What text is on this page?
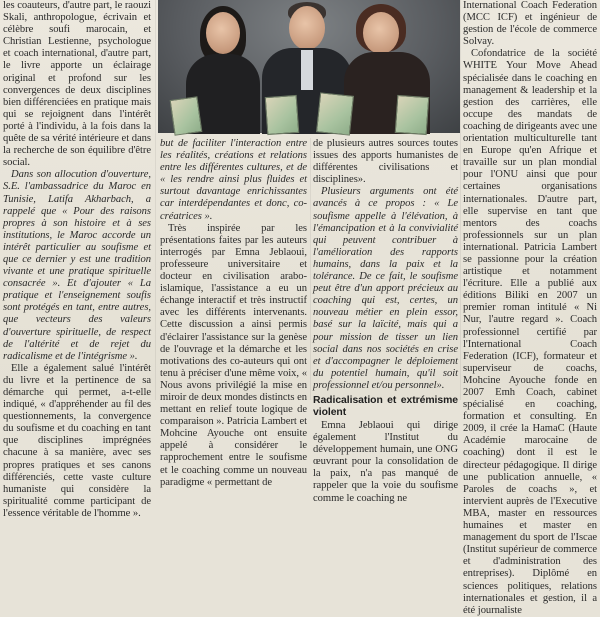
les coauteurs, d'autre part, le raouzi Skali, anthropologue, écrivain et célèbre soufi marocain, et Christian Lestienne, psychologue et coach international, d'autre part, le livre apporte un éclairage original et profond sur les convergences de deux disciplines bien différenciées en pratique mais qui se rejoignent dans l'intérêt porté à l'individu, à la fois dans la quête de sa vérité intérieure et dans la recherche de son équilibre d'être social.

Dans son allocution d'ouverture, S.E. l'ambassadrice du Maroc en Tunisie, Latifa Akharbach, a rappelé que « Pour des raisons propres à son histoire et à ses institutions, le Maroc accorde un intérêt particulier au soufisme et que ce dernier y est une tradition vivante et une pratique spirituelle consacrée ». Et d'ajouter « La pratique et l'enseignement soufis sont protégés en tant, entre autres, que vecteurs des valeurs d'ouverture spirituelle, de respect de l'altérité et de rejet du radicalisme et de l'intégrisme ».

Elle a également salué l'intérêt du livre et la pertinence de sa démarche qui permet, a-t-elle indiqué, « d'appréhender au fil des questionnements, la convergence du soufisme et du coaching en tant que disciplines imprégnées chacune à sa manière, avec ses propres pratiques et ses canons différenciés, cette vaste culture humaniste qui considère la spiritualité comme participant de l'essence véritable de l'homme ».

but de faciliter l'interaction entre les réalités, créations et relations entre les différentes cultures, et de « les rendre ainsi plus fluides et surtout davantage enrichissantes car interdépendantes et donc, co-créatrices ».

Très inspirée par les présentations faites par les auteurs interrogés par Emna Jeblaoui, professeure universitaire et docteur en civilisation arabo-islamique, l'assistance a eu un échange interactif et très instructif avec les différents intervenants. Cette discussion a ainsi permis d'éclairer l'assistance sur la genèse de l'ouvrage et la démarche et les motivations des co-auteurs qui ont tenu à préciser d'une même voix, « Nous avons privilégié la mise en miroir de deux mondes distincts en mettant en relief toute logique de comparaison ». Patricia Lambert et Mohcine Ayouche ont ensuite appelé à considérer le rapprochement entre le soufisme et le coaching comme un nouveau paradigme « permettant de

de plusieurs autres sources toutes issues des apports humanistes de différentes civilisations et disciplines».

Plusieurs arguments ont été avancés à ce propos : « Le soufisme appelle à l'élévation, à l'émancipation et à la convivialité qui peuvent contribuer à l'amélioration des rapports humains, dans la paix et la tolérance. De ce fait, le soufisme peut être d'un apport précieux au coaching qui est, certes, un nouveau métier en plein essor, basé sur la laïcité, mais qui a pour mission de tisser un lien social dans nos sociétés en crise et d'accompagner le déploiement du potentiel humain, qu'il soit professionnel et/ou personnel».

Radicalisation et extrémisme violent

Emna Jeblaoui qui dirige également l'Institut du développement humain, une ONG œuvrant pour la consolidation de la paix, n'a pas manqué de rappeler que la voie du soufisme comme le coaching ne

International Coach Federation (MCC ICF) et ingénieur de gestion de l'école de commerce Solvay.

Cofondatrice de la société WHITE Your Move Ahead spécialisée dans le coaching en management & leadership et la gestion des carrières, elle occupe des mandats de coaching de dirigeants avec une orientation multiculturelle tant en Europe qu'en Afrique et travaille sur un plan mondial pour l'ONU ainsi que pour certaines organisations internationales. D'autre part, elle supervise en tant que mentors des coachs professionnels sur un plan international. Patricia Lambert se passionne pour la création artistique et notamment l'écriture. Elle a publié aux éditions Biliki en 2007 un premier roman intitulé « Ni Nur, l'autre regard ». Coach professionnel certifié par l'International Coach Federation (ICF), formateur et superviseur de coachs, Mohcine Ayouche fonde en 2007 Emh Coach, cabinet spécialisé en coaching, formation et consulting. En 2009, il crée la HamaC (Haute Académie marocaine de coaching) dont il est le directeur pédagogique. Il dirige une publication annuelle, « Paroles de coachs », et intervient auprès de l'Executive MBA, master en ressources humaines et master en management du sport de l'Iscae (Institut supérieur de commerce et d'administration des entreprises). Diplômé en sciences politiques, relations internationales et gestion, il a été journaliste
